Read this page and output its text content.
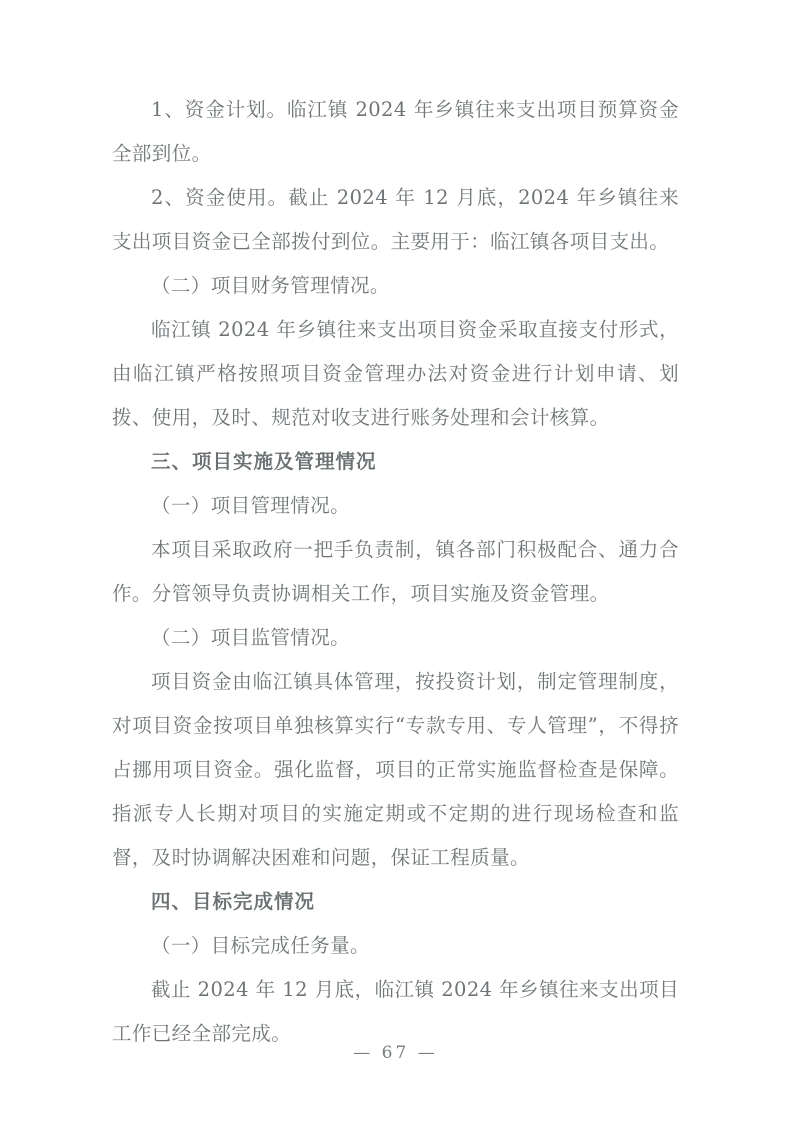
1、资金计划。临江镇 2024 年乡镇往来支出项目预算资金全部到位。

2、资金使用。截止 2024 年 12 月底，2024 年乡镇往来支出项目资金已全部拨付到位。主要用于：临江镇各项目支出。

（二）项目财务管理情况。

临江镇 2024 年乡镇往来支出项目资金采取直接支付形式，由临江镇严格按照项目资金管理办法对资金进行计划申请、划拨、使用，及时、规范对收支进行账务处理和会计核算。

三、项目实施及管理情况

（一）项目管理情况。

本项目采取政府一把手负责制，镇各部门积极配合、通力合作。分管领导负责协调相关工作，项目实施及资金管理。

（二）项目监管情况。

项目资金由临江镇具体管理，按投资计划，制定管理制度，对项目资金按项目单独核算实行“专款专用、专人管理”，不得挤占挪用项目资金。强化监督，项目的正常实施监督检查是保障。指派专人长期对项目的实施定期或不定期的进行现场检查和监督，及时协调解决困难和问题，保证工程质量。

四、目标完成情况

（一）目标完成任务量。

截止 2024 年 12 月底，临江镇 2024 年乡镇往来支出项目工作已经全部完成。

— 67 —
